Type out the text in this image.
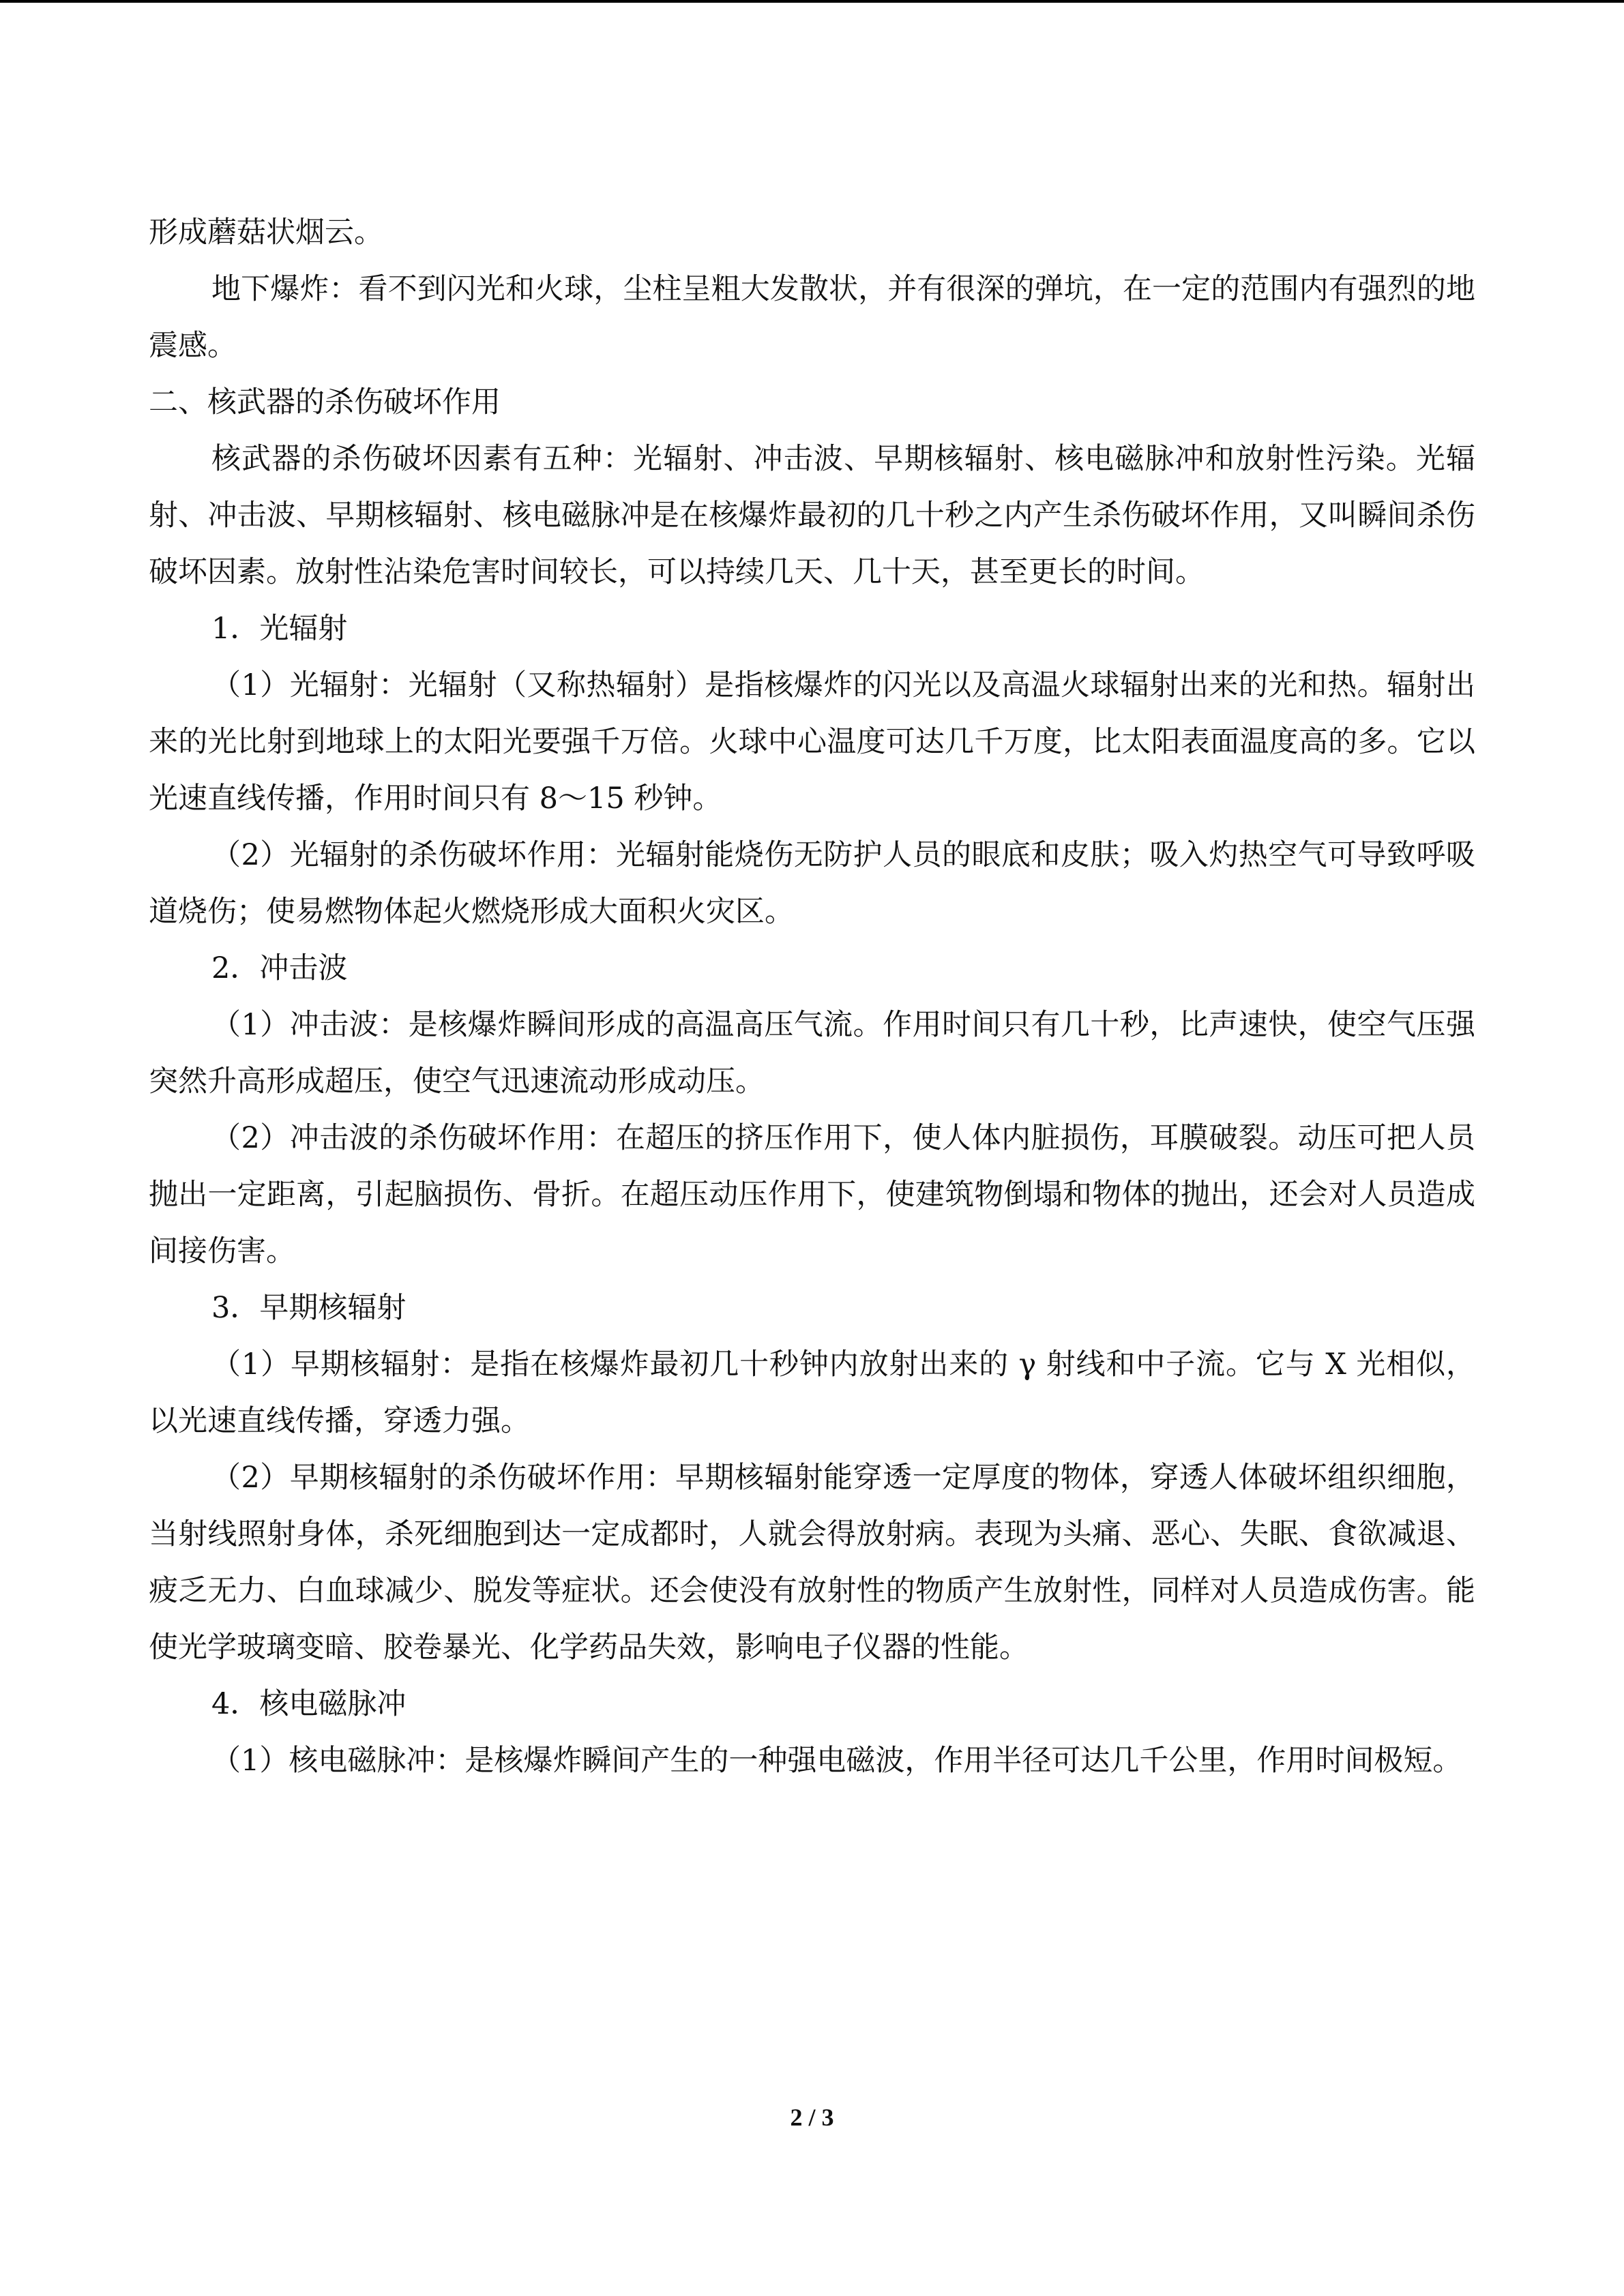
形成蘑菇状烟云。

地下爆炸：看不到闪光和火球，尘柱呈粗大发散状，并有很深的弹坑，在一定的范围内有强烈的地震感。

二、核武器的杀伤破坏作用

核武器的杀伤破坏因素有五种：光辐射、冲击波、早期核辐射、核电磁脉冲和放射性污染。光辐射、冲击波、早期核辐射、核电磁脉冲是在核爆炸最初的几十秒之内产生杀伤破坏作用，又叫瞬间杀伤破坏因素。放射性沾染危害时间较长，可以持续几天、几十天，甚至更长的时间。

1．光辐射

（1）光辐射：光辐射（又称热辐射）是指核爆炸的闪光以及高温火球辐射出来的光和热。辐射出来的光比射到地球上的太阳光要强千万倍。火球中心温度可达几千万度，比太阳表面温度高的多。它以光速直线传播，作用时间只有 8～15 秒钟。

（2）光辐射的杀伤破坏作用：光辐射能烧伤无防护人员的眼底和皮肤；吸入灼热空气可导致呼吸道烧伤；使易燃物体起火燃烧形成大面积火灾区。

2．冲击波

（1）冲击波：是核爆炸瞬间形成的高温高压气流。作用时间只有几十秒，比声速快，使空气压强突然升高形成超压，使空气迅速流动形成动压。

（2）冲击波的杀伤破坏作用：在超压的挤压作用下，使人体内脏损伤，耳膜破裂。动压可把人员抛出一定距离，引起脑损伤、骨折。在超压动压作用下，使建筑物倒塌和物体的抛出，还会对人员造成间接伤害。

3．早期核辐射

（1）早期核辐射：是指在核爆炸最初几十秒钟内放射出来的 γ 射线和中子流。它与 X 光相似，以光速直线传播，穿透力强。

（2）早期核辐射的杀伤破坏作用：早期核辐射能穿透一定厚度的物体，穿透人体破坏组织细胞，当射线照射身体，杀死细胞到达一定成都时，人就会得放射病。表现为头痛、恶心、失眠、食欲减退、疲乏无力、白血球减少、脱发等症状。还会使没有放射性的物质产生放射性，同样对人员造成伤害。能使光学玻璃变暗、胶卷暴光、化学药品失效，影响电子仪器的性能。

4．核电磁脉冲

（1）核电磁脉冲：是核爆炸瞬间产生的一种强电磁波，作用半径可达几千公里，作用时间极短。

2 / 3
